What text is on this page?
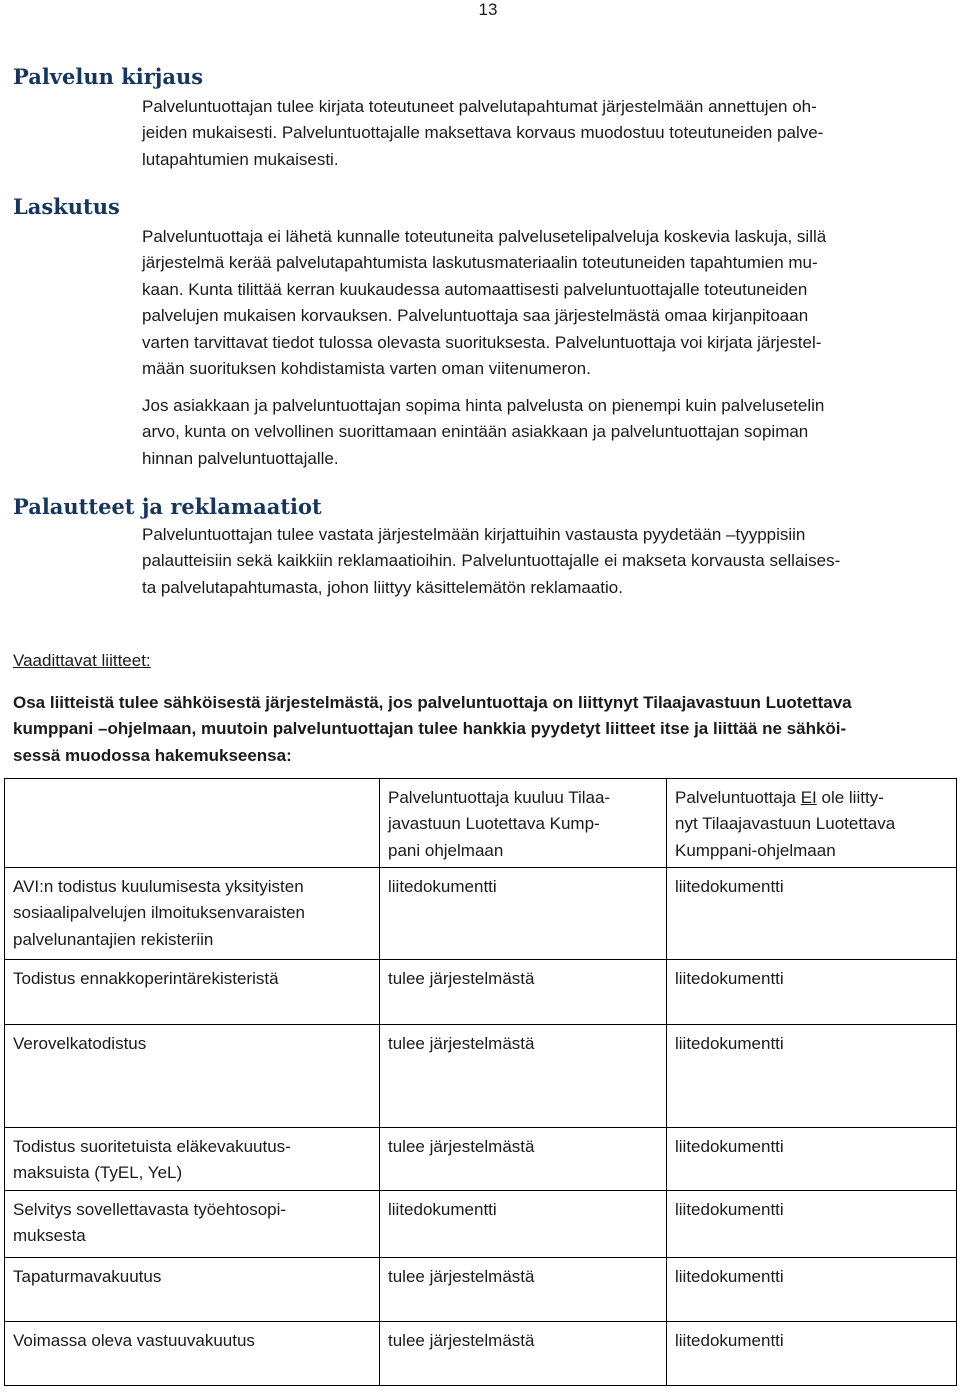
13
Palvelun kirjaus
Palveluntuottajan tulee kirjata toteutuneet palvelutapahtumat järjestelmään annettujen oh-
jeiden mukaisesti. Palveluntuottajalle maksettava korvaus muodostuu toteutuneiden palve-
lutapahtumien mukaisesti.
Laskutus
Palveluntuottaja ei lähetä kunnalle toteutuneita palvelusetelipalveluja koskevia laskuja, sillä
järjestelmä kerää palvelutapahtumista laskutusmateriaalin toteutuneiden tapahtumien mu-
kaan. Kunta tilittää kerran kuukaudessa automaattisesti palveluntuottajalle toteutuneiden
palvelujen mukaisen korvauksen. Palveluntuottaja saa järjestelmästä omaa kirjanpitoaan
varten tarvittavat tiedot tulossa olevasta suorituksesta. Palveluntuottaja voi kirjata järjestel-
mään suorituksen kohdistamista varten oman viitenumeron.
Jos asiakkaan ja palveluntuottajan sopima hinta palvelusta on pienempi kuin palvelusetelin
arvo, kunta on velvollinen suorittamaan enintään asiakkaan ja palveluntuottajan sopiman
hinnan palveluntuottajalle.
Palautteet ja reklamaatiot
Palveluntuottajan tulee vastata järjestelmään kirjattuihin vastausta pyydetään –tyyppisiin
palautteisiin sekä kaikkiin reklamaatioihin. Palveluntuottajalle ei makseta korvausta sellaises-
ta palvelutapahtumasta, johon liittyy käsittelemätön reklamaatio.

Vaadittavat liitteet:

Osa liitteistä tulee sähköisestä järjestelmästä, jos palveluntuottaja on liittynyt Tilaajavastuun Luotettava
kumppani –ohjelmaan, muutoin palveluntuottajan tulee hankkia pyydetyt liitteet itse ja liittää ne sähköi-
sessä muodossa hakemukseensa:

	Palveluntuottaja kuuluu Tilaa-
javastuun Luotettava Kump-
pani ohjelmaan	Palveluntuottaja EI ole liitty-
nyt Tilaajavastuun Luotettava
Kumppani-ohjelmaan

AVI:n todistus kuulumisesta yksityisten
sosiaalipalvelujen ilmoituksenvaraisten
palvelunantajien rekisteriin	liitedokumentti	liitedokumentti

Todistus ennakkoperintärekisteristä	tulee järjestelmästä	liitedokumentti

Verovelkatodistus	tulee järjestelmästä	liitedokumentti

Todistus suoritetuista eläkevakuutus-
maksuista (TyEL, YeL)	tulee järjestelmästä	liitedokumentti

Selvitys sovellettavasta työehtosopi-
muksesta	liitedokumentti	liitedokumentti

Tapaturmavakuutus	tulee järjestelmästä	liitedokumentti

Voimassa oleva vastuuvakuutus	tulee järjestelmästä	liitedokumentti
